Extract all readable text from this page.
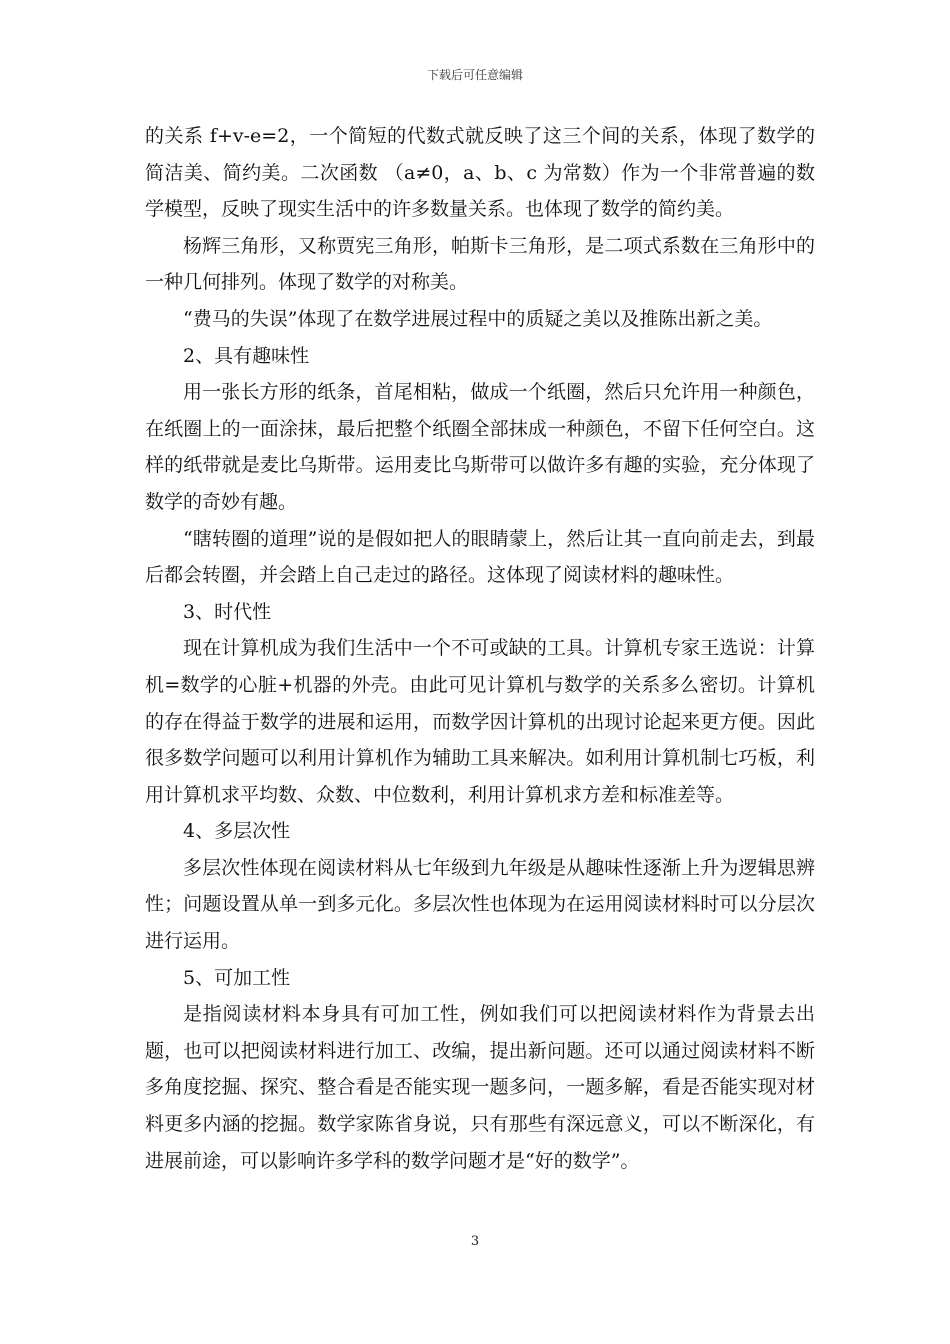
下载后可任意编辑

的关系 f+v-e=2，一个简短的代数式就反映了这三个间的关系，体现了数学的简洁美、简约美。二次函数 （a≠0，a、b、c 为常数）作为一个非常普遍的数学模型，反映了现实生活中的许多数量关系。也体现了数学的简约美。

杨辉三角形，又称贾宪三角形，帕斯卡三角形，是二项式系数在三角形中的一种几何排列。体现了数学的对称美。

“费马的失误”体现了在数学进展过程中的质疑之美以及推陈出新之美。

2、具有趣味性

用一张长方形的纸条，首尾相粘，做成一个纸圈，然后只允许用一种颜色，在纸圈上的一面涂抹，最后把整个纸圈全部抹成一种颜色，不留下任何空白。这样的纸带就是麦比乌斯带。运用麦比乌斯带可以做许多有趣的实验，充分体现了数学的奇妙有趣。

“瞎转圈的道理”说的是假如把人的眼睛蒙上，然后让其一直向前走去，到最后都会转圈，并会踏上自己走过的路径。这体现了阅读材料的趣味性。

3、时代性

现在计算机成为我们生活中一个不可或缺的工具。计算机专家王选说：计算机=数学的心脏+机器的外壳。由此可见计算机与数学的关系多么密切。计算机的存在得益于数学的进展和运用，而数学因计算机的出现讨论起来更方便。因此很多数学问题可以利用计算机作为辅助工具来解决。如利用计算机制七巧板，利用计算机求平均数、众数、中位数利，利用计算机求方差和标准差等。

4、多层次性

多层次性体现在阅读材料从七年级到九年级是从趣味性逐渐上升为逻辑思辨性；问题设置从单一到多元化。多层次性也体现为在运用阅读材料时可以分层次进行运用。

5、可加工性

是指阅读材料本身具有可加工性，例如我们可以把阅读材料作为背景去出题，也可以把阅读材料进行加工、改编，提出新问题。还可以通过阅读材料不断多角度挖掘、探究、整合看是否能实现一题多问，一题多解，看是否能实现对材料更多内涵的挖掘。数学家陈省身说，只有那些有深远意义，可以不断深化，有进展前途，可以影响许多学科的数学问题才是“好的数学”。

3
